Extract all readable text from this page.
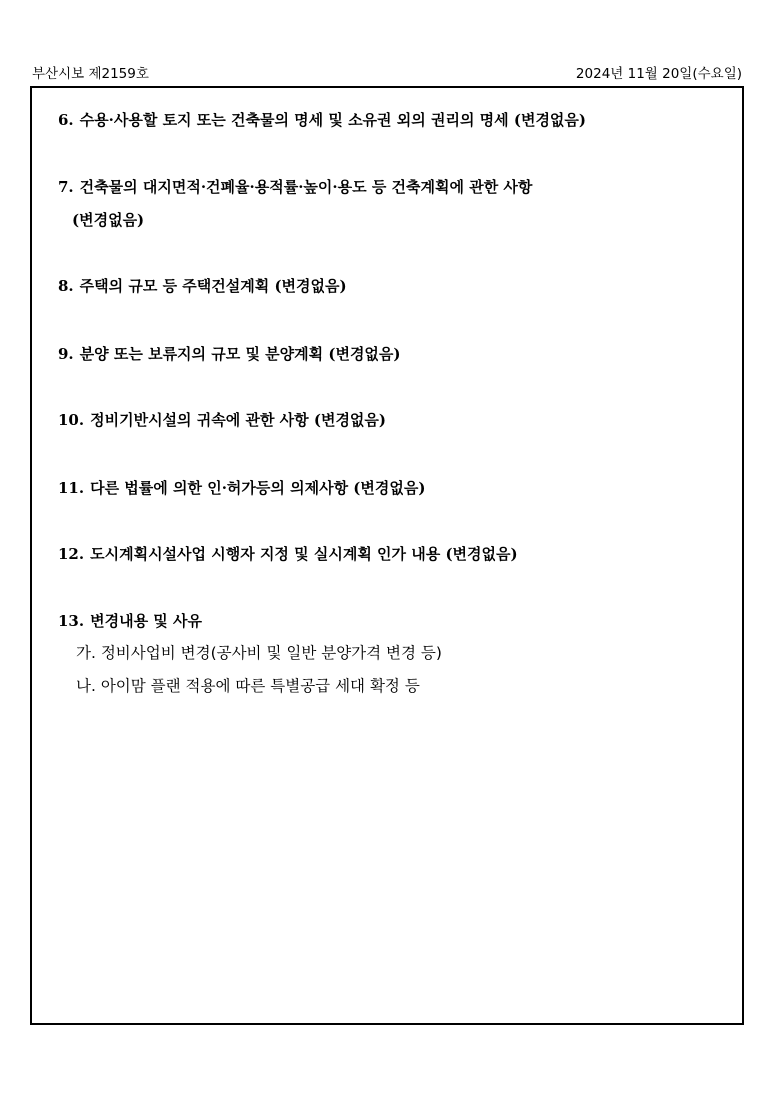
부산시보 제2159호	2024년 11월 20일(수요일)
6. 수용·사용할 토지 또는 건축물의 명세 및 소유권 외의 권리의 명세 (변경없음)
7. 건축물의 대지면적·건폐율·용적률·높이·용도 등 건축계획에 관한 사항
(변경없음)
8. 주택의 규모 등 주택건설계획 (변경없음)
9. 분양 또는 보류지의 규모 및 분양계획 (변경없음)
10. 정비기반시설의 귀속에 관한 사항 (변경없음)
11. 다른 법률에 의한 인·허가등의 의제사항 (변경없음)
12. 도시계획시설사업 시행자 지정 및 실시계획 인가 내용 (변경없음)
13. 변경내용 및 사유
가. 정비사업비 변경(공사비 및 일반 분양가격 변경 등)
나. 아이맘 플랜 적용에 따른 특별공급 세대 확정 등
